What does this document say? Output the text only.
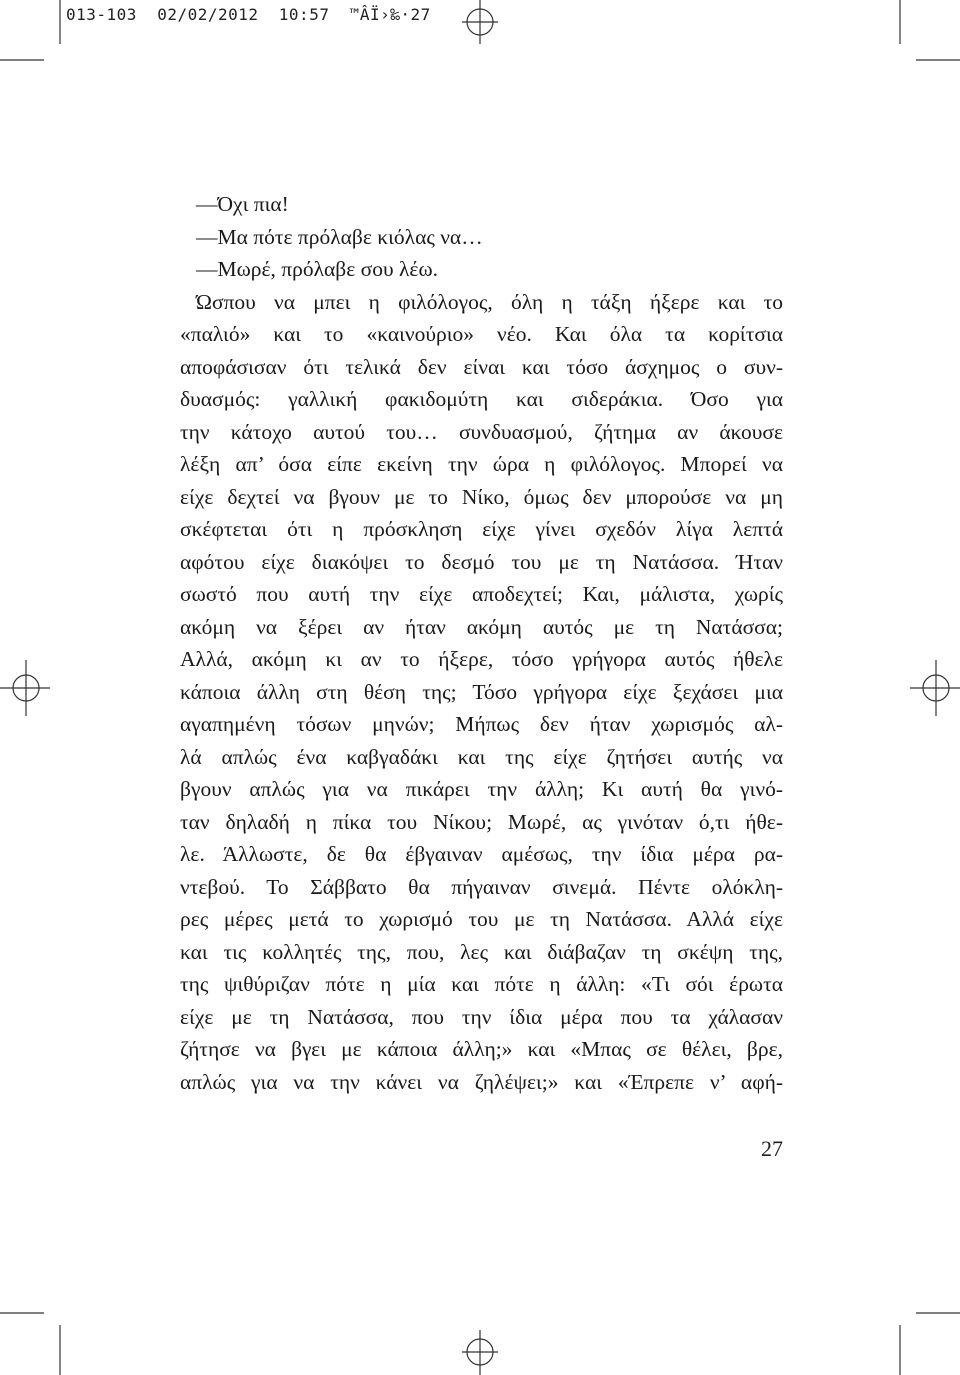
013-103  02/02/2012  10:57  ™ÂÏ›‰·27
—Όχι πια!
—Μα πότε πρόλαβε κιόλας να…
—Μωρέ, πρόλαβε σου λέω.
Ώσπου να μπει η φιλόλογος, όλη η τάξη ήξερε και το
«παλιό» και το «καινούριο» νέο. Και όλα τα κορίτσια
αποφάσισαν ότι τελικά δεν είναι και τόσο άσχημος ο συν-
δυασμός: γαλλική φακιδομύτη και σιδεράκια. Όσο για
την κάτοχο αυτού του… συνδυασμού, ζήτημα αν άκουσε
λέξη απ’ όσα είπε εκείνη την ώρα η φιλόλογος. Μπορεί να
είχε δεχτεί να βγουν με το Νίκο, όμως δεν μπορούσε να μη
σκέφτεται ότι η πρόσκληση είχε γίνει σχεδόν λίγα λεπτά
αφότου είχε διακόψει το δεσμό του με τη Νατάσσα. Ήταν
σωστό που αυτή την είχε αποδεχτεί; Και, μάλιστα, χωρίς
ακόμη να ξέρει αν ήταν ακόμη αυτός με τη Νατάσσα;
Αλλά, ακόμη κι αν το ήξερε, τόσο γρήγορα αυτός ήθελε
κάποια άλλη στη θέση της; Τόσο γρήγορα είχε ξεχάσει μια
αγαπημένη τόσων μηνών; Μήπως δεν ήταν χωρισμός αλ-
λά απλώς ένα καβγαδάκι και της είχε ζητήσει αυτής να
βγουν απλώς για να πικάρει την άλλη; Κι αυτή θα γινό-
ταν δηλαδή η πίκα του Νίκου; Μωρέ, ας γινόταν ό,τι ήθε-
λε. Άλλωστε, δε θα έβγαιναν αμέσως, την ίδια μέρα ρα-
ντεβού. Το Σάββατο θα πήγαιναν σινεμά. Πέντε ολόκλη-
ρες μέρες μετά το χωρισμό του με τη Νατάσσα. Αλλά είχε
και τις κολλητές της, που, λες και διάβαζαν τη σκέψη της,
της ψιθύριζαν πότε η μία και πότε η άλλη: «Τι σόι έρωτα
είχε με τη Νατάσσα, που την ίδια μέρα που τα χάλασαν
ζήτησε να βγει με κάποια άλλη;» και «Μπας σε θέλει, βρε,
απλώς για να την κάνει να ζηλέψει;» και «Έπρεπε ν’ αφή-
27
